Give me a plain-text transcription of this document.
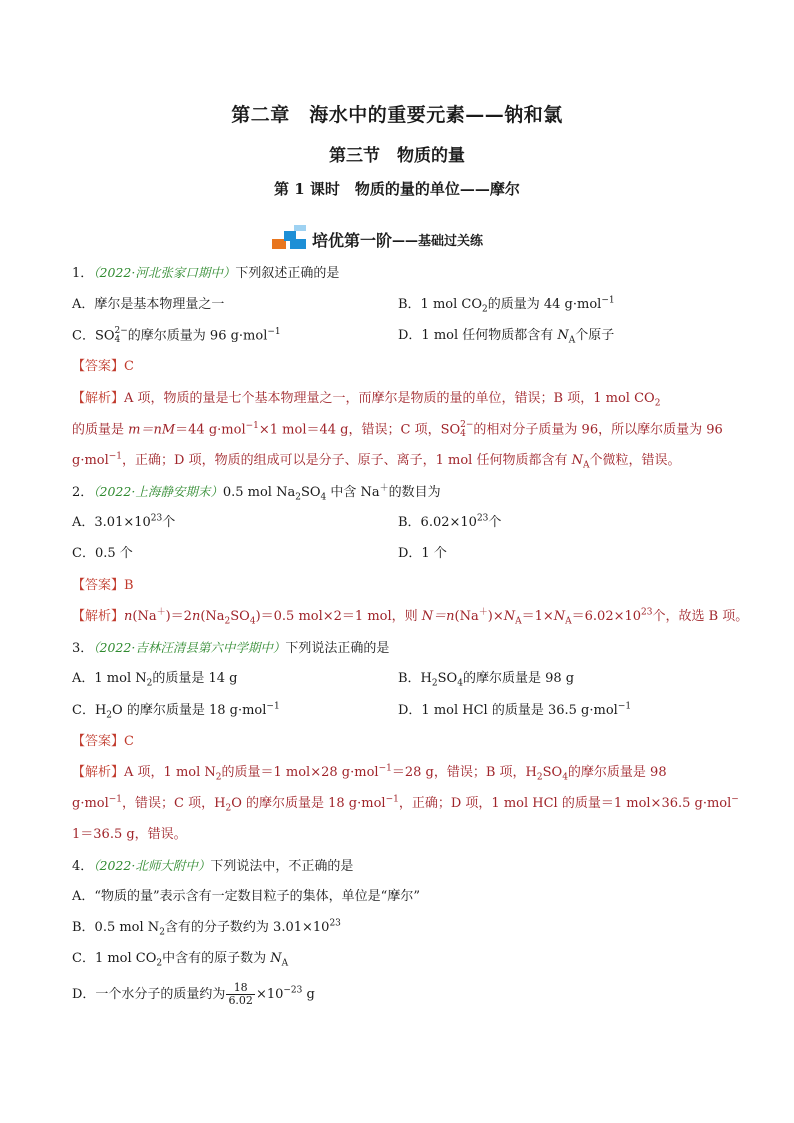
第二章　海水中的重要元素——钠和氯
第三节　物质的量
第 1 课时　物质的量的单位——摩尔
培优第一阶 ——基础过关练
1．（2022·河北张家口期中）下列叙述正确的是
A．摩尔是基本物理量之一	B．1 mol $CO_2$的质量为 44 g·mol$^{-1}$
C．SO 2−
4 的摩尔质量为 96 g·mol$^{-1}$	D．1 mol 任何物质都含有 $N_A$个原子
【答案】C
【解析】A 项，物质的量是七个基本物理量之一，而摩尔是物质的量的单位，错误；B 项，1 mol $CO_2$
的质量是 m＝nM＝44 g·mol$^{-1}$×1 mol＝44 g，错误；C 项，SO 2−
4 的相对分子质量为 96，所以摩尔质量为 96
g·mol$^{-1}$，正确；D 项，物质的组成可以是分子、原子、离子，1 mol 任何物质都含有 $N_A$个微粒，错误。
2．（2022·上海静安期末）0.5 mol $Na_2SO_4$ 中含 Na＋的数目为
A．$3.01\times 10^{23}$个	B．$6.02\times 10^{23}$个
C．0.5 个	D．1 个
【答案】B
【解析】$n(Na^+)=2n(Na_2SO_4)=0.5$ mol×2＝1 mol，则 $N=n(Na^+)\times N_A=1\times N_A=6.02\times 10^{23}$个，故选 B 项。
3．（2022·吉林汪清县第六中学期中）下列说法正确的是
A．1 mol $N_2$的质量是 14 g	B．$H_2SO_4$的摩尔质量是 98 g
C．$H_2O$ 的摩尔质量是 18 g·mol$^{-1}$	D．1 mol HCl 的质量是 36.5 g·mol$^{-1}$
【答案】C
【解析】A 项，1 mol $N_2$的质量＝1 mol×28 g·mol$^{-1}$＝28 g，错误；B 项，$H_2SO_4$的摩尔质量是 98
g·mol$^{-1}$，错误；C 项，$H_2O$ 的摩尔质量是 18 g·mol$^{-1}$，正确；D 项，1 mol HCl 的质量＝1 mol×36.5 g·mol−
1＝36.5 g，错误。
4．（2022·北师大附中）下列说法中，不正确的是
A．“物质的量”表示含有一定数目粒子的集体，单位是“摩尔”
B．0.5 mol $N_2$含有的分子数约为 $3.01\times 10^{23}$
C．1 mol $CO_2$中含有的原子数为 $N_A$
D．一个水分子的质量约为 $\frac{18}{6.02} \times 10^{-23}$ g
